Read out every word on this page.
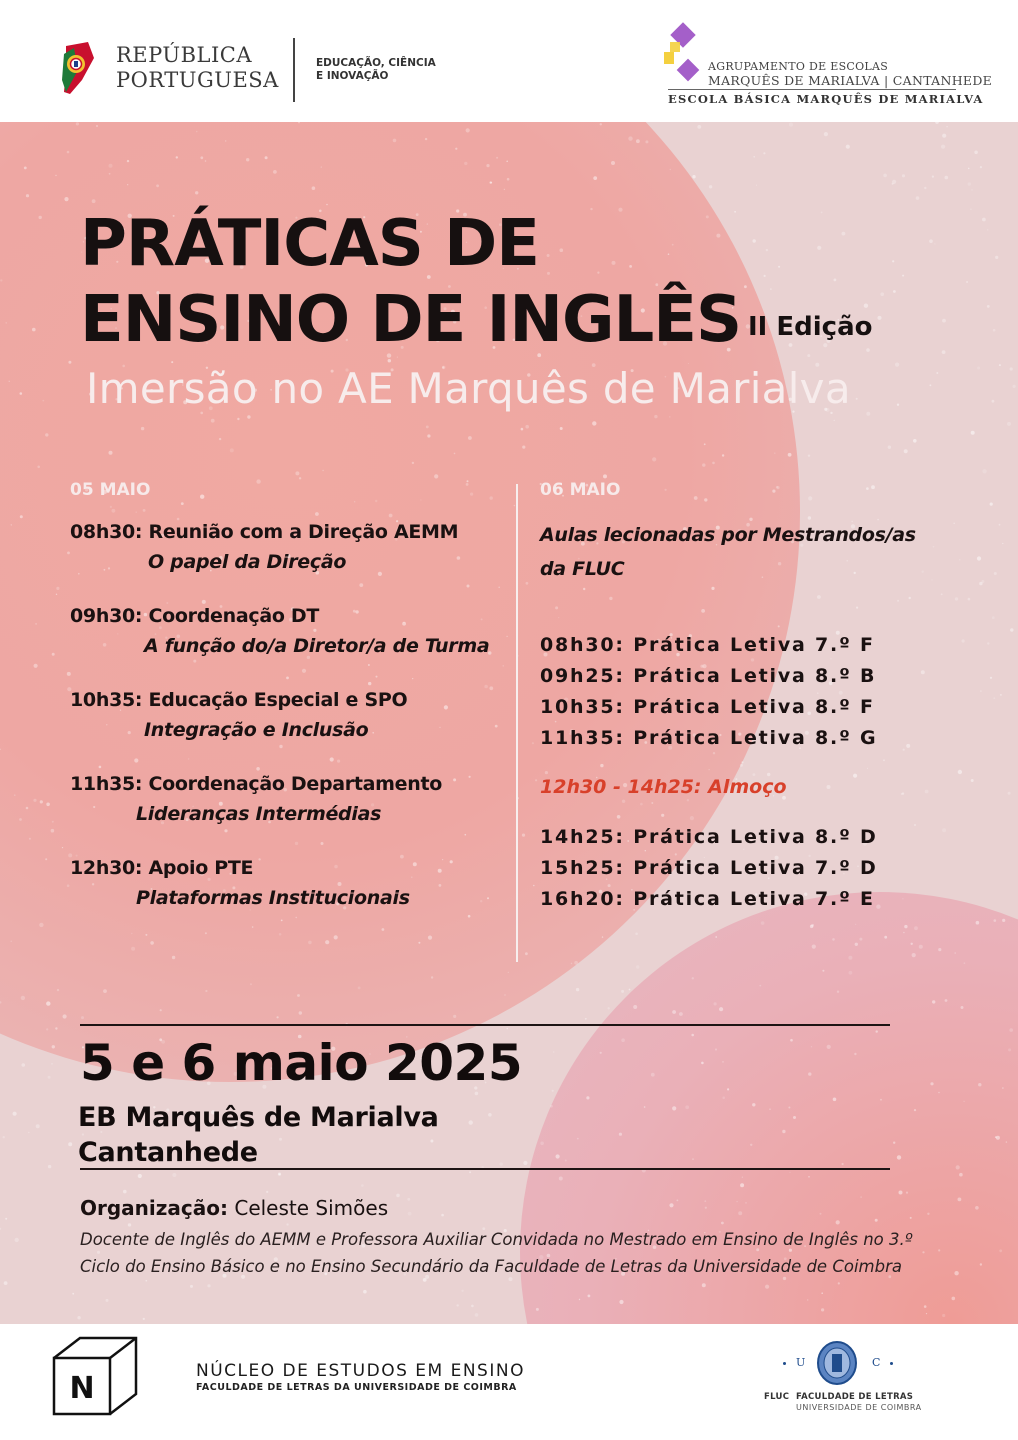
REPÚBLICA
PORTUGUESA
EDUCAÇÃO, CIÊNCIA
E INOVAÇÃO
AGRUPAMENTO DE ESCOLAS
MARQUÊS DE MARIALVA | CANTANHEDE
ESCOLA BÁSICA MARQUÊS DE MARIALVA
PRÁTICAS DE
ENSINO DE INGLÊS II Edição
Imersão no AE Marquês de Marialva
05 MAIO
08h30: Reunião com a Direção AEMM
O papel da Direção
09h30: Coordenação DT
A função do/a Diretor/a de Turma
10h35: Educação Especial e SPO
Integração e Inclusão
11h35: Coordenação Departamento
Lideranças Intermédias
12h30: Apoio PTE
Plataformas Institucionais
06 MAIO
Aulas lecionadas por Mestrandos/as
da FLUC
08h30: Prática Letiva 7.º F
09h25: Prática Letiva 8.º B
10h35: Prática Letiva 8.º F
11h35: Prática Letiva 8.º G
12h30 - 14h25: Almoço
14h25: Prática Letiva 8.º D
15h25: Prática Letiva 7.º D
16h20: Prática Letiva 7.º E
5 e 6 maio 2025
EB Marquês de Marialva
Cantanhede
Organização: Celeste Simões
Docente de Inglês do AEMM e Professora Auxiliar Convidada no Mestrado em Ensino de Inglês no 3.º
Ciclo do Ensino Básico e no Ensino Secundário da Faculdade de Letras da Universidade de Coimbra
N	NÚCLEO DE ESTUDOS EM ENSINO
FACULDADE DE LETRAS DA UNIVERSIDADE DE COIMBRA
U	C
FLUC FACULDADE DE LETRAS
UNIVERSIDADE DE COIMBRA
